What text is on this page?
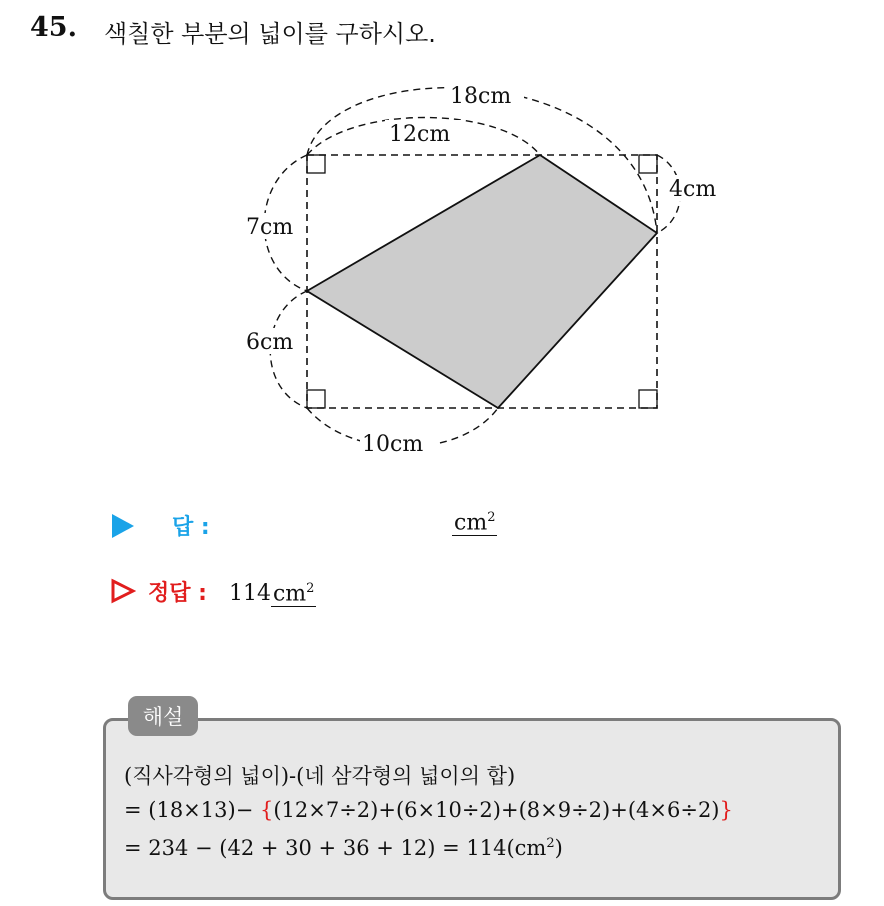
45. 색칠한 부분의 넓이를 구하시오.
18cm
12cm
4cm
7cm
6cm
10cm
답 :	$cm^2$
정답 : 114 $cm^2$
해설
(직사각형의 넓이)-(네 삼각형의 넓이의 합)
= (18×13)− {(12×7÷2)+(6×10÷2)+(8×9÷2)+(4×6÷2)}
= $234 - (42 + 30 + 36 + 12) = 114(cm^2)$
